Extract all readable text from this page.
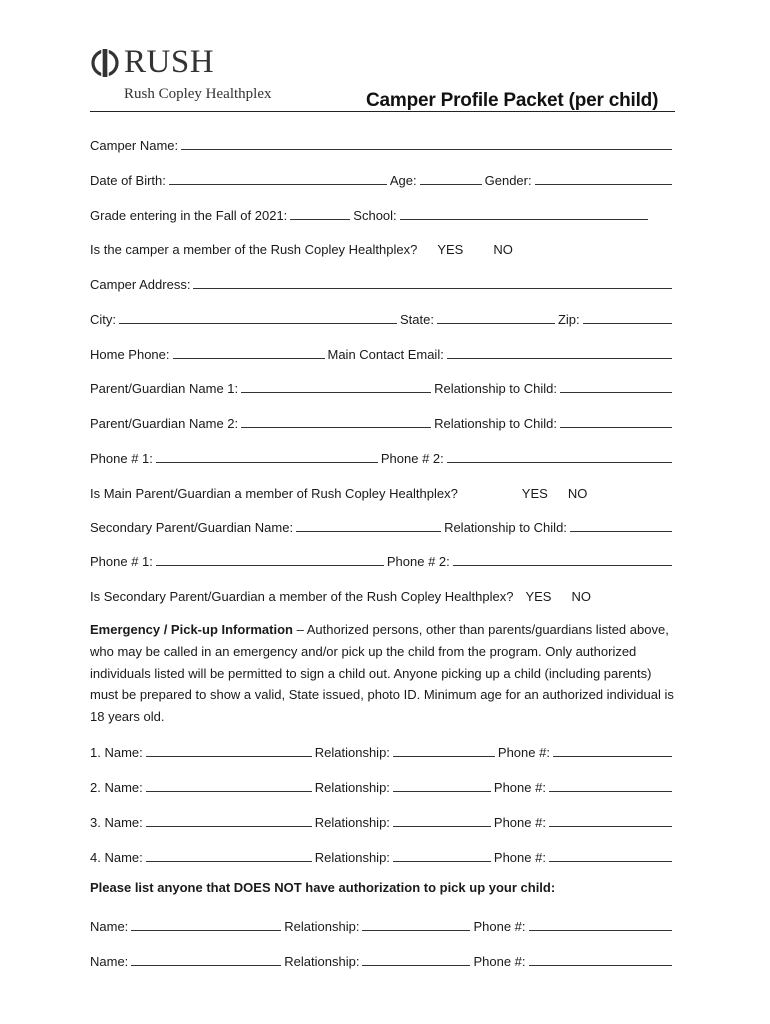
RUSH
Rush Copley Healthplex	Camper Profile Packet (per child)
Camper Name:
Date of Birth:	Age:	Gender:
Grade entering in the Fall of 2021:	School:
Is the camper a member of the Rush Copley Healthplex? YES NO
Camper Address:
City:	State:	Zip:
Home Phone:	Main Contact Email:
Parent/Guardian Name 1:	Relationship to Child:
Parent/Guardian Name 2:	Relationship to Child:
Phone # 1:	Phone # 2:
Is Main Parent/Guardian a member of Rush Copley Healthplex?	YES NO
Secondary Parent/Guardian Name:	Relationship to Child:
Phone # 1:	Phone # 2:
Is Secondary Parent/Guardian a member of the Rush Copley Healthplex? YES NO
Emergency / Pick-up Information – Authorized persons, other than parents/guardians listed above, who may be called in an emergency and/or pick up the child from the program. Only authorized individuals listed will be permitted to sign a child out. Anyone picking up a child (including parents) must be prepared to show a valid, State issued, photo ID. Minimum age for an authorized individual is 18 years old.
1. Name:	Relationship:	Phone #:
2. Name:	Relationship:	Phone #:
3. Name:	Relationship:	Phone #:
4. Name:	Relationship:	Phone #:
Please list anyone that DOES NOT have authorization to pick up your child:
Name:	Relationship:	Phone #:
Name:	Relationship:	Phone #:
